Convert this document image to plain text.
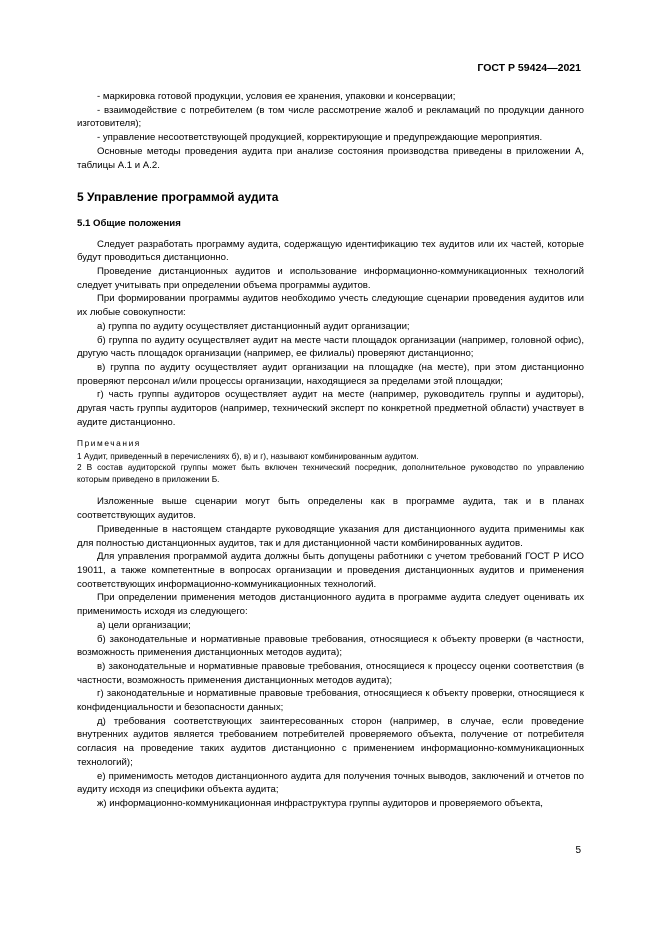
ГОСТ Р 59424—2021

- маркировка готовой продукции, условия ее хранения, упаковки и консервации;

- взаимодействие с потребителем (в том числе рассмотрение жалоб и рекламаций по продукции данного изготовителя);

- управление несоответствующей продукцией, корректирующие и предупреждающие мероприятия.

Основные методы проведения аудита при анализе состояния производства приведены в приложении А, таблицы А.1 и А.2.

5 Управление программой аудита
5.1 Общие положения

Следует разработать программу аудита, содержащую идентификацию тех аудитов или их частей, которые будут проводиться дистанционно.

Проведение дистанционных аудитов и использование информационно-коммуникационных технологий следует учитывать при определении объема программы аудитов.

При формировании программы аудитов необходимо учесть следующие сценарии проведения аудитов или их любые совокупности:

а) группа по аудиту осуществляет дистанционный аудит организации;

б) группа по аудиту осуществляет аудит на месте части площадок организации (например, головной офис), другую часть площадок организации (например, ее филиалы) проверяют дистанционно;

в) группа по аудиту осуществляет аудит организации на площадке (на месте), при этом дистанционно проверяют персонал и/или процессы организации, находящиеся за пределами этой площадки;

г) часть группы аудиторов осуществляет аудит на месте (например, руководитель группы и аудиторы), другая часть группы аудиторов (например, технический эксперт по конкретной предметной области) участвует в аудите дистанционно.

Примечания

1 Аудит, приведенный в перечислениях б), в) и г), называют комбинированным аудитом.

2 В состав аудиторской группы может быть включен технический посредник, дополнительное руководство по управлению которым приведено в приложении Б.

Изложенные выше сценарии могут быть определены как в программе аудита, так и в планах соответствующих аудитов.

Приведенные в настоящем стандарте руководящие указания для дистанционного аудита применимы как для полностью дистанционных аудитов, так и для дистанционной части комбинированных аудитов.

Для управления программой аудита должны быть допущены работники с учетом требований ГОСТ Р ИСО 19011, а также компетентные в вопросах организации и проведения дистанционных аудитов и применения соответствующих информационно-коммуникационных технологий.

При определении применения методов дистанционного аудита в программе аудита следует оценивать их применимость исходя из следующего:

а) цели организации;

б) законодательные и нормативные правовые требования, относящиеся к объекту проверки (в частности, возможность применения дистанционных методов аудита);

в) законодательные и нормативные правовые требования, относящиеся к процессу оценки соответствия (в частности, возможность применения дистанционных методов аудита);

г) законодательные и нормативные правовые требования, относящиеся к объекту проверки, относящиеся к конфиденциальности и безопасности данных;

д) требования соответствующих заинтересованных сторон (например, в случае, если проведение внутренних аудитов является требованием потребителей проверяемого объекта, получение от потребителя согласия на проведение таких аудитов дистанционно с применением информационно-коммуникационных технологий);

е) применимость методов дистанционного аудита для получения точных выводов, заключений и отчетов по аудиту исходя из специфики объекта аудита;

ж) информационно-коммуникационная инфраструктура группы аудиторов и проверяемого объекта,

5
